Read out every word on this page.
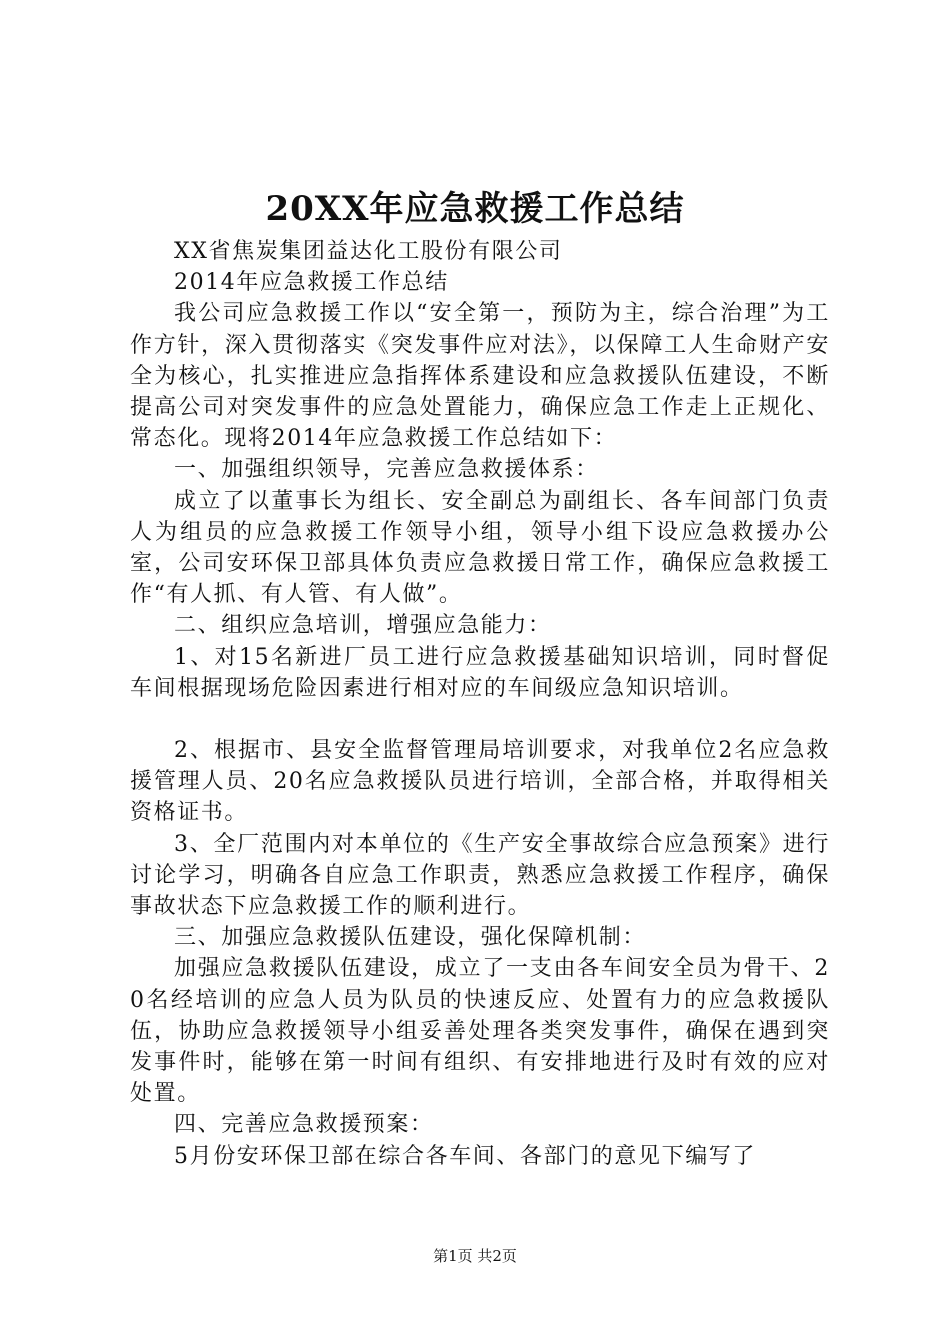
20XX年应急救援工作总结

XX省焦炭集团益达化工股份有限公司

2014年应急救援工作总结

我公司应急救援工作以“安全第一，预防为主，综合治理”为工作方针，深入贯彻落实《突发事件应对法》，以保障工人生命财产安全为核心，扎实推进应急指挥体系建设和应急救援队伍建设，不断提高公司对突发事件的应急处置能力，确保应急工作走上正规化、常态化。现将2014年应急救援工作总结如下：

一、加强组织领导，完善应急救援体系：

成立了以董事长为组长、安全副总为副组长、各车间部门负责人为组员的应急救援工作领导小组，领导小组下设应急救援办公室，公司安环保卫部具体负责应急救援日常工作，确保应急救援工作“有人抓、有人管、有人做”。

二、组织应急培训，增强应急能力：

1、对15名新进厂员工进行应急救援基础知识培训，同时督促车间根据现场危险因素进行相对应的车间级应急知识培训。

2、根据市、县安全监督管理局培训要求，对我单位2名应急救援管理人员、20名应急救援队员进行培训，全部合格，并取得相关资格证书。

3、全厂范围内对本单位的《生产安全事故综合应急预案》进行讨论学习，明确各自应急工作职责，熟悉应急救援工作程序，确保事故状态下应急救援工作的顺利进行。

三、加强应急救援队伍建设，强化保障机制：

加强应急救援队伍建设，成立了一支由各车间安全员为骨干、20名经培训的应急人员为队员的快速反应、处置有力的应急救援队伍，协助应急救援领导小组妥善处理各类突发事件，确保在遇到突发事件时，能够在第一时间有组织、有安排地进行及时有效的应对处置。

四、完善应急救援预案：

5月份安环保卫部在综合各车间、各部门的意见下编写了

第1页 共2页
